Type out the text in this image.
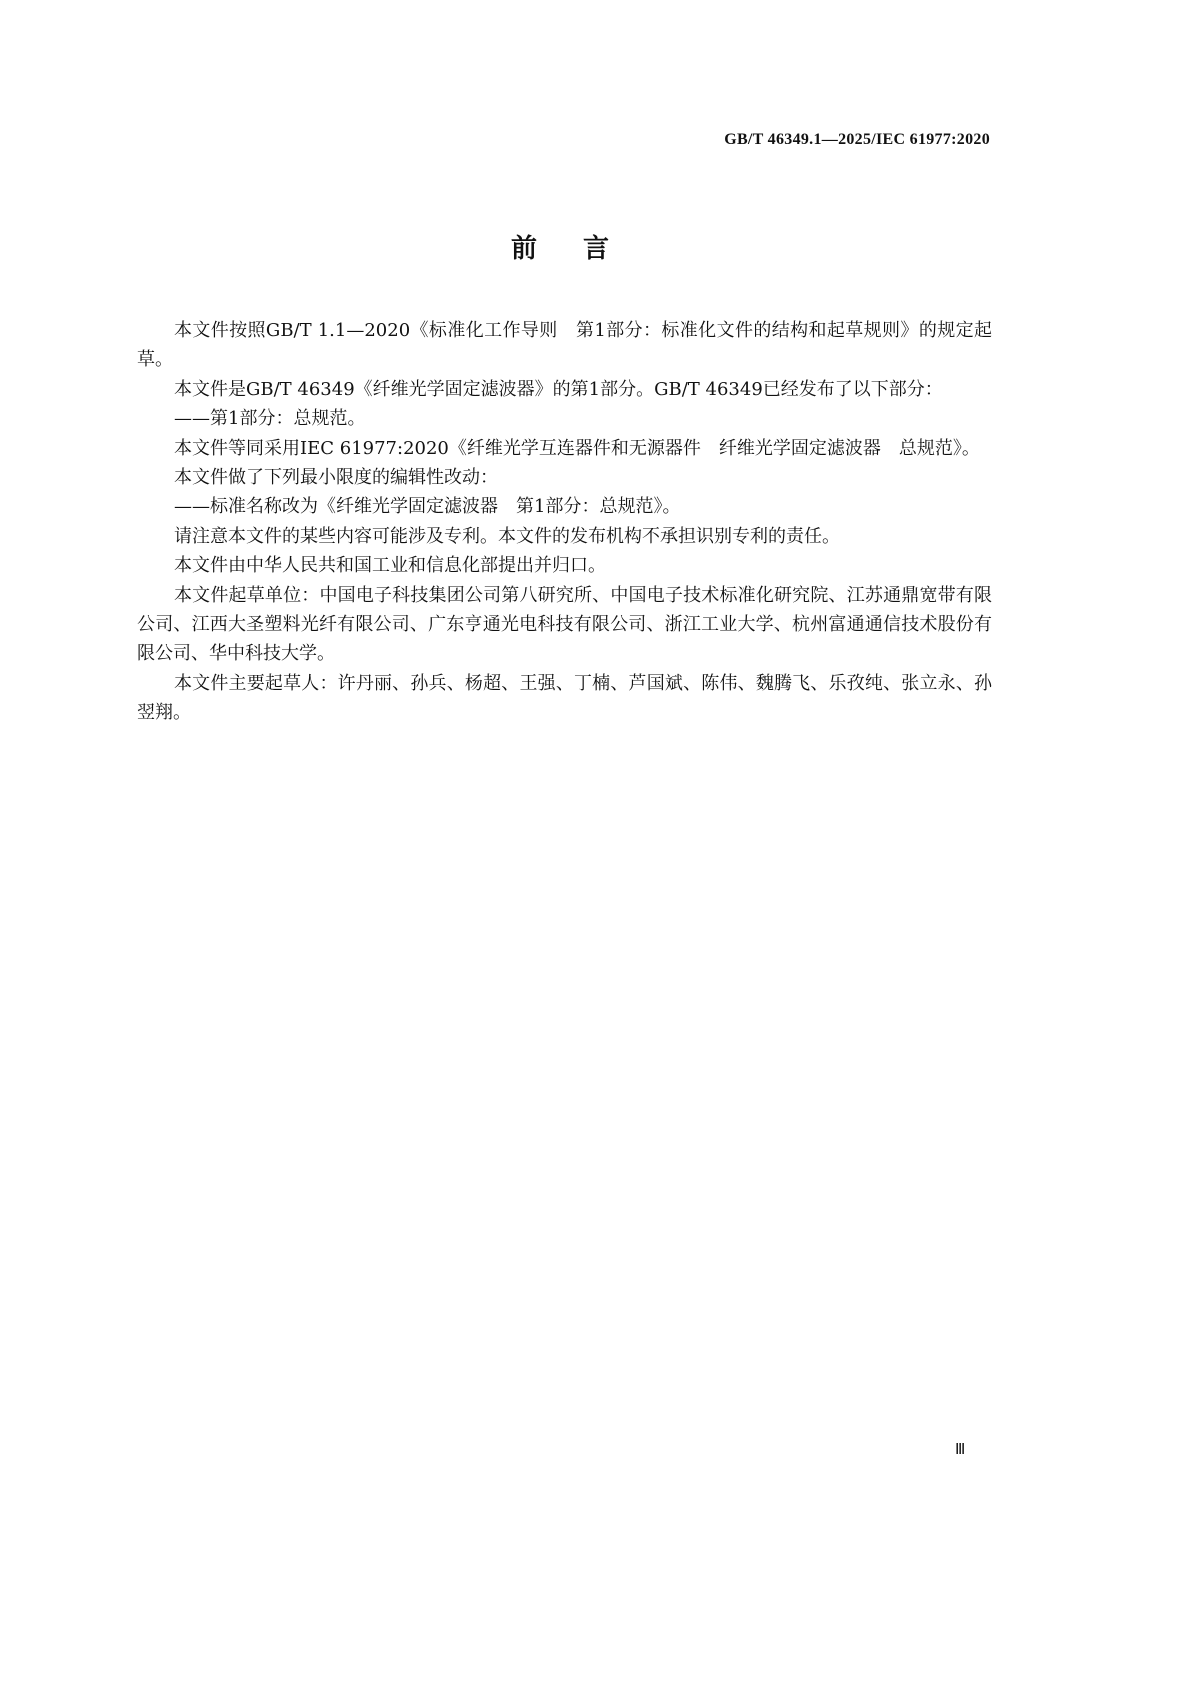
GB/T 46349.1—2025/IEC 61977:2020
前言

本文件按照GB/T 1.1—2020《标准化工作导则　第1部分：标准化文件的结构和起草规则》的规定起草。

本文件是GB/T 46349《纤维光学固定滤波器》的第1部分。GB/T 46349已经发布了以下部分：

——第1部分：总规范。

本文件等同采用IEC 61977:2020《纤维光学互连器件和无源器件　纤维光学固定滤波器　总规范》。

本文件做了下列最小限度的编辑性改动：

——标准名称改为《纤维光学固定滤波器　第1部分：总规范》。

请注意本文件的某些内容可能涉及专利。本文件的发布机构不承担识别专利的责任。

本文件由中华人民共和国工业和信息化部提出并归口。

本文件起草单位：中国电子科技集团公司第八研究所、中国电子技术标准化研究院、江苏通鼎宽带有限公司、江西大圣塑料光纤有限公司、广东亨通光电科技有限公司、浙江工业大学、杭州富通通信技术股份有限公司、华中科技大学。

本文件主要起草人：许丹丽、孙兵、杨超、王强、丁楠、芦国斌、陈伟、魏腾飞、乐孜纯、张立永、孙翌翔。

Ⅲ
